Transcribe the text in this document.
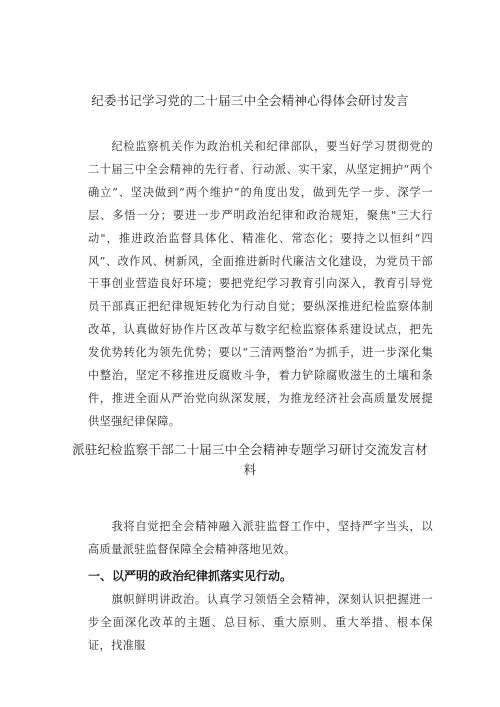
纪委书记学习党的二十届三中全会精神心得体会研讨发言

纪检监察机关作为政治机关和纪律部队，要当好学习贯彻党的二十届三中全会精神的先行者、行动派、实干家，从坚定拥护“两个确立”、坚决做到“两个维护”的角度出发，做到先学一步、深学一层、多悟一分；要进一步严明政治纪律和政治规矩，聚焦"三大行动"，推进政治监督具体化、精准化、常态化；要持之以恒纠“四风”、改作风、树新风，全面推进新时代廉洁文化建设，为党员干部干事创业营造良好环境；要把党纪学习教育引向深入，教育引导党员干部真正把纪律规矩转化为行动自觉；要纵深推进纪检监察体制改革，认真做好协作片区改革与数字纪检监察体系建设试点，把先发优势转化为领先优势；要以“三清两整治”为抓手，进一步深化集中整治，坚定不移推进反腐败斗争，着力铲除腐败滋生的土壤和条件，推进全面从严治党向纵深发展，为推龙经济社会高质量发展提供坚强纪律保障。

派驻纪检监察干部二十届三中全会精神专题学习研讨交流发言材料

我将自觉把全会精神融入派驻监督工作中，坚持严字当头，以高质量派驻监督保障全会精神落地见效。

一、以严明的政治纪律抓落实见行动。

旗帜鲜明讲政治。认真学习领悟全会精神，深刻认识把握进一步全面深化改革的主题、总目标、重大原则、重大举措、根本保证，找准服
